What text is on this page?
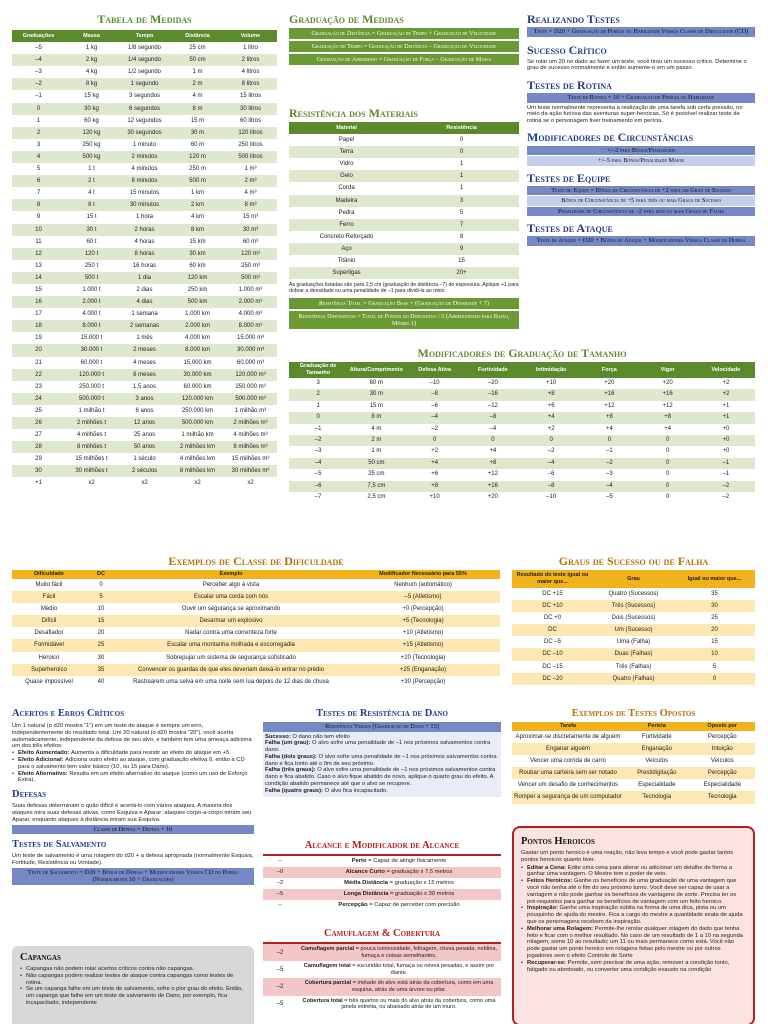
Tabela de Medidas
Graduações	Massa	Tempo	Distância	Volume
–5	1 kg	1/8 segundo	25 cm	1 litro
–4	2 kg	1/4 segundo	50 cm	2 litros
–3	4 kg	1/2 segundo	1 m	4 litros
–2	8 kg	1 segundo	2 m	8 litros
–1	15 kg	3 segundos	4 m	15 litros
0	30 kg	6 segundos	8 m	30 litros
1	60 kg	12 segundos	15 m	60 litros
2	120 kg	30 segundos	30 m	120 litros
3	250 kg	1 minuto	60 m	250 litros
4	500 kg	2 minutos	120 m	500 litros
5	1 t	4 minutos	250 m	1 m³
6	2 t	8 minutos	500 m	2 m³
7	4 t	15 minutos	1 km	4 m³
8	8 t	30 minutos	2 km	8 m³
9	15 t	1 hora	4 km	15 m³
10	30 t	2 horas	8 km	30 m³
11	60 t	4 horas	15 km	60 m³
12	120 t	8 horas	30 km	120 m³
13	250 t	16 horas	60 km	250 m³
14	500 t	1 dia	120 km	500 m³
15	1.000 t	2 dias	250 km	1.000 m³
16	2.000 t	4 dias	500 km	2.000 m³
17	4.000 t	1 semana	1.000 km	4.000 m³
18	8.000 t	2 semanas	2.000 km	8.000 m³
19	15.000 t	1 mês	4.000 km	15.000 m³
20	30.000 t	2 meses	8.000 km	30.000 m³
21	60.000 t	4 meses	15.000 km	60.000 m³
22	120.000 t	8 meses	30.000 km	120.000 m³
23	250.000 t	1,5 anos	60.000 km	250.000 m³
24	500.000 t	3 anos	120.000 km	500.000 m³
25	1 milhão t	6 anos	250.000 km	1 milhão m³
26	2 milhões t	12 anos	500.000 km	2 milhões m³
27	4 milhões t	25 anos	1 milhão km	4 milhões m³
28	8 milhões t	50 anos	2 milhões km	8 milhões m³
29	15 milhões t	1 século	4 milhões km	15 milhões m³
30	30 milhões t	2 séculos	8 milhões km	30 milhões m³
+1	x2	x2	x2	x2
Graduação de Medidas
Graduação de Distância = Graduação de Tempo + Graduação de Velocidade
Graduação de Tempo = Graduação de Distância – Graduação de Velocidade
Graduação de Arremesso = Graduação de Força – Graduação de Massa
Resistência dos Materiais
Material	Resistência
Papel	0
Terra	0
Vidro	1
Gelo	1
Corda	1
Madeira	3
Pedra	5
Ferro	7
Concreto Reforçado	8
Aço	9
Titânio	15
Superligas	20+
As graduações listadas são para 2,5 cm (graduação de distância –7) de espessura. Aplique +1 para dobrar a densidade ou uma penalidade de –1 para dividi-la ao meio.
Resistência Total = Graduação Base + (Graduação de Densidade + 7)
Resistência Dispositivos = Total de Pontos do Dispositivo / 5 (Arredondado para Baixo, Mínimo 1)
Realizando Testes
Teste = D20 + Graduação de Perícia ou Habilidade Versus Classe de Dificuldade (CD)
Sucesso Crítico
Se rolar um 20 no dado ao fazer um teste, você tirou um sucesso crítico. Determine o grau de sucesso normalmente e então aumente-o em um passo.
Testes de Rotina
Teste de Rotina = 10 + Graduação de Perícia ou Habilidade
Um teste normalmente representa a realização de uma tarefa sob certa pressão, no meio da ação furiosa das aventuras super-heroicas. Só é possível realizar teste de rotina se o personagem tiver treinamento em perícia.
Modificadores de Circunstâncias
+/–2 para Bônus/Penalidade
+/–5 para Bônus/Penalidade Maior
Testes de Equipe
Teste de Equipe = Bônus de Circunstância de +2 para um Grau de Sucesso
Bônus de Circunstância de +5 para três ou mais Graus de Sucesso
Penalidade de Circunstância de –2 para dois ou mais Graus de Falha
Testes de Ataque
Teste de Ataque = D20 + Bônus de Ataque + Modificadores Versus Classe de Defesa
Modificadores de Graduação de Tamanho
Graduação de Tamanho	Altura/Comprimento	Defesa Ativa	Furtividade	Intimidação	Força	Vigor	Velocidade
3	60 m	–10	–20	+10	+20	+20	+2
2	30 m	–8	–16	+8	+16	+16	+2
1	15 m	–6	–12	+6	+12	+12	+1
0	8 m	–4	–8	+4	+8	+8	+1
–1	4 m	–2	–4	+2	+4	+4	+0
–2	2 m	0	0	0	0	0	+0
–3	1 m	+2	+4	–2	–1	0	+0
–4	50 cm	+4	+8	–4	–2	0	–1
–5	25 cm	+6	+12	–6	–3	0	–1
–6	7,5 cm	+8	+16	–8	–4	0	–2
–7	2,5 cm	+10	+20	–10	–5	0	–2
Exemplos de Classe de Dificuldade
Dificuldade	DC	Exemplo	Modificador Necessário para 55%
Muito fácil	0	Perceber algo à vista	Nenhum (automático)
Fácil	5	Escalar uma corda com nós	–5 (Atletismo)
Médio	10	Ouvir um segurança se aproximando	+0 (Percepção)
Difícil	15	Desarmar um explosivo	+5 (Tecnologia)
Desafiador	20	Nadar contra uma correnteza forte	+10 (Atletismo)
Formidável	25	Escalar uma montanha molhada e escorregadia	+15 (Atletismo)
Heroico	30	Sobrepujar um sistema de segurança sofisticado	+20 (Tecnologia)
Superheroico	35	Convencer os guardas de que eles deveriam deixá-lo entrar no prédio	+25 (Enganação)
Quase impossível	40	Rastrearem uma selva em uma noite sem lua depois de 12 dias de chuva	+30 (Percepção)
Graus de Sucesso ou de Falha
Resultado do teste igual ou maior que...	Grau	Igual ou maior que...
DC +15	Quatro (Sucessos)	35
DC +10	Três (Sucessos)	30
DC +0	Dois (Sucessos)	25
DC	Um (Sucesso)	20
DC –5	Uma (Falha)	15
DC –10	Duas (Falhas)	10
DC –15	Três (Falhas)	5
DC –20	Quatro (Falhas)	0
Acertos e Erros Críticos
Um 1 natural (o d20 mostra “1”) em um teste de ataque é sempre um erro, independentemente do resultado total. Um 20 natural (o d20 mostra “20”), você acerta automaticamente, independente da defesa de seu alvo, e também tem uma ameaça adiciona um dos três efeitos:
• Efeito Aumentado: Aumenta a dificuldade para resistir ao efeito do ataque em +5.
• Efeito Adicional: Adiciona outro efeito ao ataque, com graduação efetiva 0, então a CD para o salvamento tem valor básico (10, ou 15 para Dano).
• Efeito Alternativo: Resulta em um efeito alternativo do ataque (como um uso de Esforço Extra).
Defesas
Suas defesas determinam o quão difícil é acertá-lo com vários ataques. A maioria dos ataques mira suas defesas ativas, como Esquiva e Aparar: ataques corpo-a-corpo miram seu Aparar, enquanto ataques à distância miram sua Esquiva.
Classe de Defesa = Defesa + 10
Testes de Salvamento
Um teste de salvamento é uma rolagem do d20 + a defesa apropriada (normalmente Esquiva, Fortitude, Resistência ou Vontade).
Teste de Salvamento = D20 + Bônus de Defesa + Modificadores Versus CD do Perigo (Normalmente 10 + Graduações)
Capangas
• Capangas não podem rolar acertos críticos contra não capangas.
• Não capangas podem realizar testes de ataque contra capangas como testes de rotina.
• Se um capanga falhe em um teste de salvamento, sofre o pior grau do efeito. Então, um capanga que falhe em um teste de salvamento de Dano, por exemplo, fica incapacitado, independente
Testes de Resistência de Dano
Resistência Versus [Graduação de Dano + 15]
Sucesso: O dano não tem efeito
Falha (um grau): O alvo sofre uma penalidade de –1 nos próximos salvamentos contra dano.
Falha (dois graus): O alvo sofre uma penalidade de –1 nos próximos salvamentos contra dano e fica tonto até o fim de seu próximo.
Falha (três graus): O alvo sofre uma penalidade de –1 nos próximos salvamentos contra dano e fica abatido. Caso o alvo fique abatido de novo, aplique o quarto grau do efeito. A condição abatido permanece até que o alvo se recupere.
Falha (quatro graus): O alvo fica incapacitado.
Alcance e Modificador de Alcance
–	Perto = Capaz de atingir fisicamente
–0	Alcance Curto = graduação x 7,5 metros
–2	Média Distância = graduação x 15 metros
–5	Longa Distância = graduação x 30 metros
–	Percepção = Capaz de perceber com precisão
Camuflagem & Cobertura
–2	Camuflagem parcial = pouca luminosidade, folhagem, chuva pesada, neblina, fumaça e coisas semelhantes.
–5	Camuflagem total = escuridão total, fumaça ou névoa pesadas, e assim por diante.
–2	Cobertura parcial = metade do alvo está atrás da cobertura, como em uma esquina, atrás de uma árvore ou pilar.
–5	Cobertura total = três quartos ou mais do alvo atrás da cobertura, como uma janela estreita, ou abaixado atrás de um muro.
Exemplos de Testes Opostos
Tarefa	Perícia	Oposto por
Aproximar-se discretamente de alguém	Furtividade	Percepção
Enganar alguém	Enganação	Intuição
Vencer uma corrida de carro	Veículos	Veículos
Roubar uma carteira sem ser notado	Prestidigitação	Percepção
Vencer um desafio de conhecimentos	Especialidade	Especialidade
Romper a segurança de um computador	Tecnologia	Tecnologia
Pontos Heroicos
Gastar um ponto heroico é uma reação, não leva tempo e você pode gastar tantos pontos heroicos quanto tiver.
• Editar a Cena: Edite uma cena para alterar ou adicionar um detalhe de forma a ganhar uma vantagem. O Mestre tem o poder de veto.
• Feitos Heroicos: Ganhe os benefícios de uma graduação de uma vantagem que você não tenha até o fim do seu próximo turno. Você deve ser capaz de usar a vantagem e não pode ganhar os benefícios de vantagens de sorte. Precisa ter os pré-requisitos para ganhar os benefícios de vantagem com um feito heroico.
• Inspiração: Ganhe uma inspiração súbita na forma de uma dica, pista ou um pouquinho de ajuda do mestre. Fica a cargo do mestre a quantidade exata de ajuda que os personagens recebem da inspiração.
• Melhorar uma Rolagem: Permite-lhe rerolar qualquer rolagem do dado que tenha feito e ficar com o melhor resultado. No caso de um resultado de 1 a 10 na segunda rolagem, some 10 ao resultado; um 11 ou mais permanece como está. Você não pode gastar um ponto heroico em rolagens feitas pelo mestre ou por outros jogadores sem o efeito Controle de Sorte
• Recuperar-se: Permite, sem precisar de uma ação, remover a condição tonto, fatigado ou atordoado, ou converter uma condição exausto na condição
